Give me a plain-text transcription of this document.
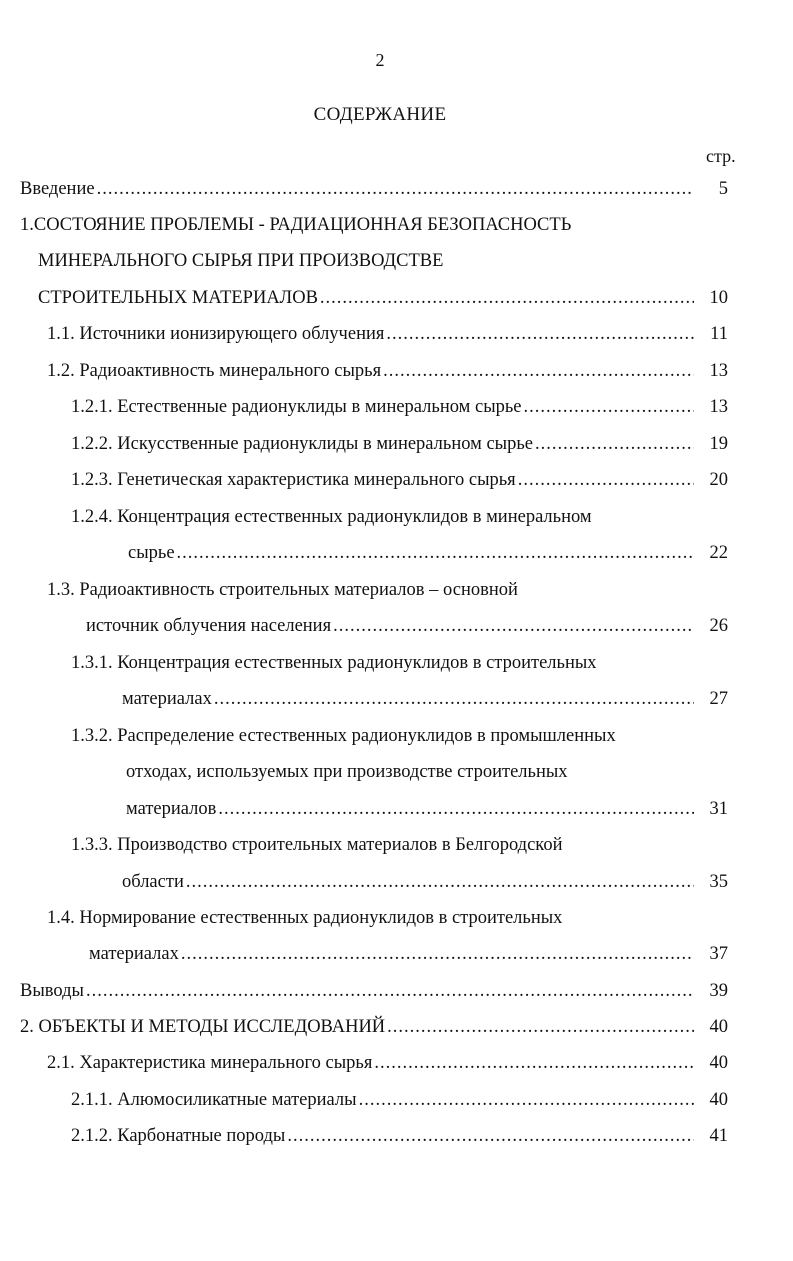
2
СОДЕРЖАНИЕ
стр.
Введение .....	5
1.СОСТОЯНИЕ ПРОБЛЕМЫ - РАДИАЦИОННАЯ БЕЗОПАСНОСТЬ
МИНЕРАЛЬНОГО СЫРЬЯ ПРИ ПРОИЗВОДСТВЕ
СТРОИТЕЛЬНЫХ МАТЕРИАЛОВ .....	10
1.1. Источники ионизирующего облучения .....	11
1.2. Радиоактивность минерального сырья .....	13
1.2.1. Естественные радионуклиды в минеральном сырье .....	13
1.2.2. Искусственные радионуклиды в минеральном сырье .....	19
1.2.3. Генетическая характеристика минерального сырья .....	20
1.2.4. Концентрация естественных радионуклидов в минеральном
сырье .....	22
1.3. Радиоактивность строительных материалов – основной
источник облучения населения .....	26
1.3.1. Концентрация естественных радионуклидов в строительных
материалах .....	27
1.3.2. Распределение естественных радионуклидов в промышленных
отходах, используемых при производстве строительных
материалов .....	31
1.3.3. Производство строительных материалов в Белгородской
области .....	35
1.4. Нормирование естественных радионуклидов в строительных
материалах .....	37
Выводы .....	39
2. ОБЪЕКТЫ И МЕТОДЫ ИССЛЕДОВАНИЙ .....	40
2.1. Характеристика минерального сырья .....	40
2.1.1. Алюмосиликатные материалы .....	40
2.1.2. Карбонатные породы .....	41
